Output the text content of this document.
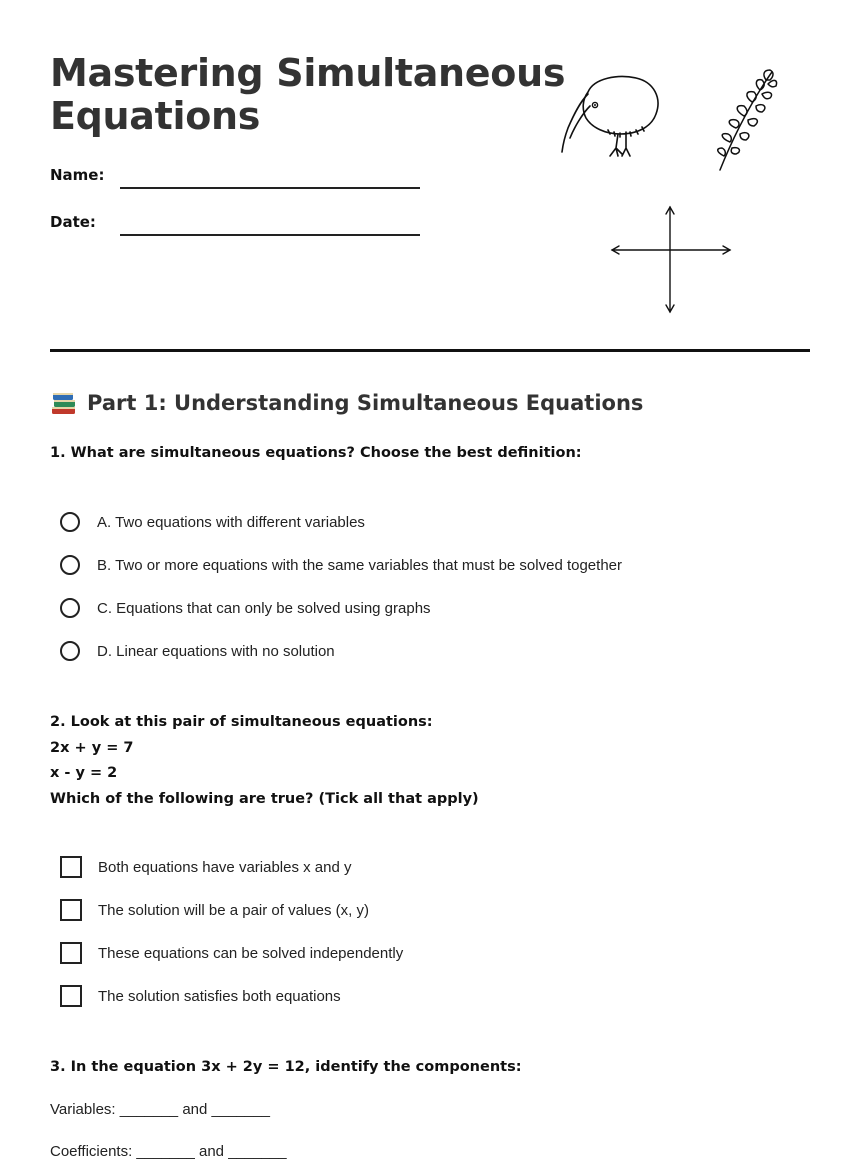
Mastering Simultaneous
Equations
Name:
Date:
Part 1: Understanding Simultaneous Equations
1. What are simultaneous equations? Choose the best definition:
A. Two equations with different variables
B. Two or more equations with the same variables that must be solved together
C. Equations that can only be solved using graphs
D. Linear equations with no solution
2. Look at this pair of simultaneous equations:
2x + y = 7
x - y = 2
Which of the following are true? (Tick all that apply)
Both equations have variables x and y
The solution will be a pair of values (x, y)
These equations can be solved independently
The solution satisfies both equations
3. In the equation 3x + 2y = 12, identify the components:
Variables: _______ and _______
Coefficients: _______ and _______
